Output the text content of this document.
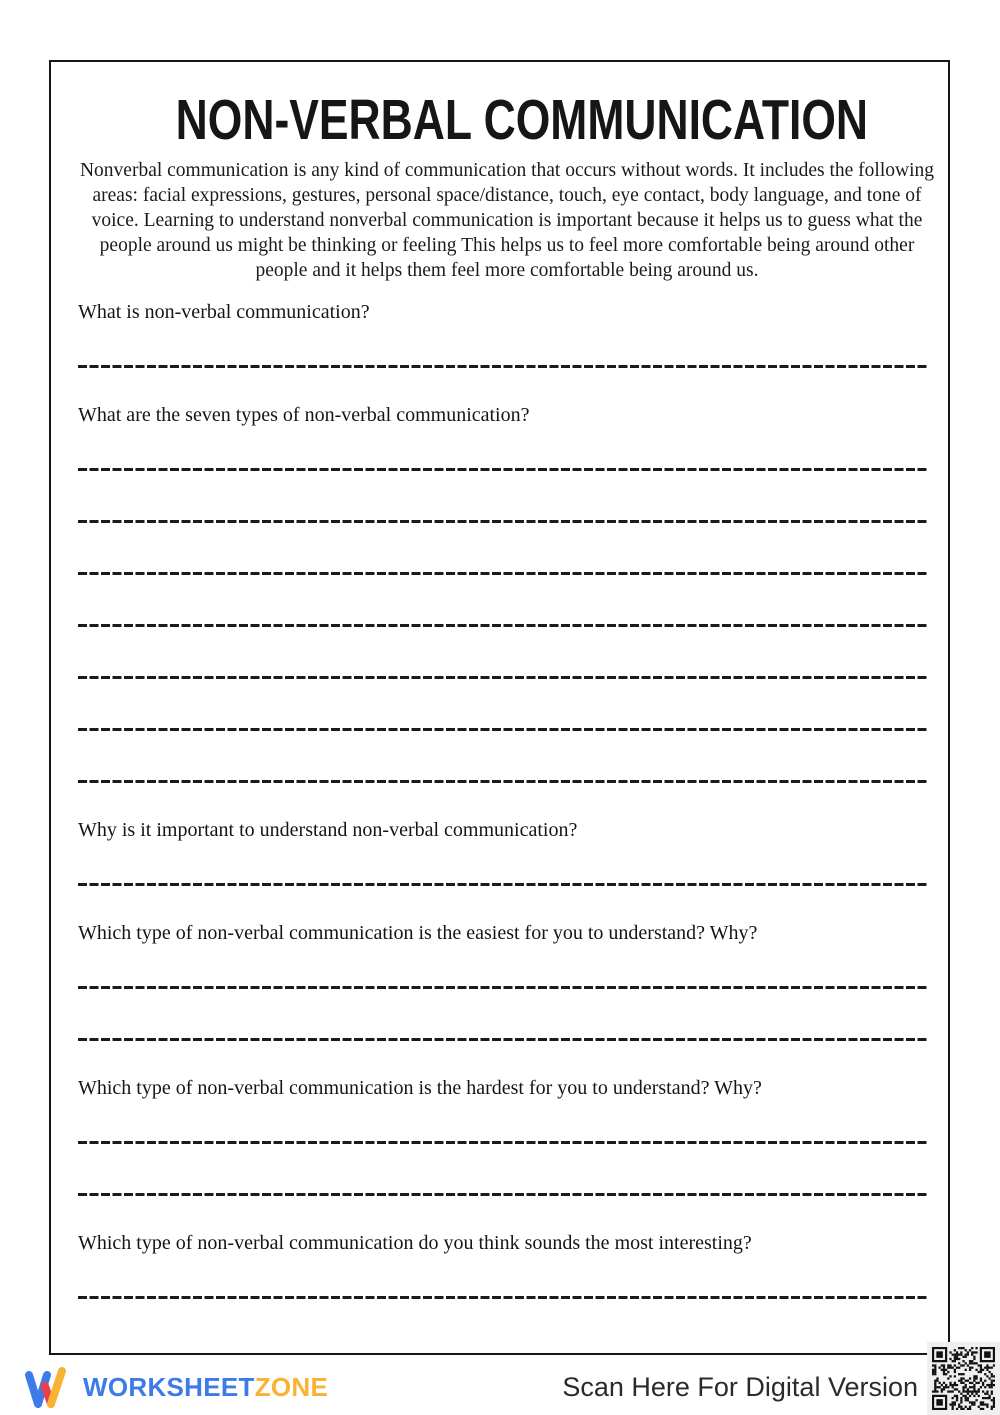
NON-VERBAL COMMUNICATION

Nonverbal communication is any kind of communication that occurs without words. It includes the following areas: facial expressions, gestures, personal space/distance, touch, eye contact, body language, and tone of voice. Learning to understand nonverbal communication is important because it helps us to guess what the people around us might be thinking or feeling This helps us to feel more comfortable being around other people and it helps them feel more comfortable being around us.

What is non-verbal communication?

What are the seven types of non-verbal communication?

Why is it important to understand non-verbal communication?

Which type of non-verbal communication is the easiest for you to understand? Why?

Which type of non-verbal communication is the hardest for you to understand? Why?

Which type of non-verbal communication do you think sounds the most interesting?

WORKSHEETZONE	Scan Here For Digital Version
